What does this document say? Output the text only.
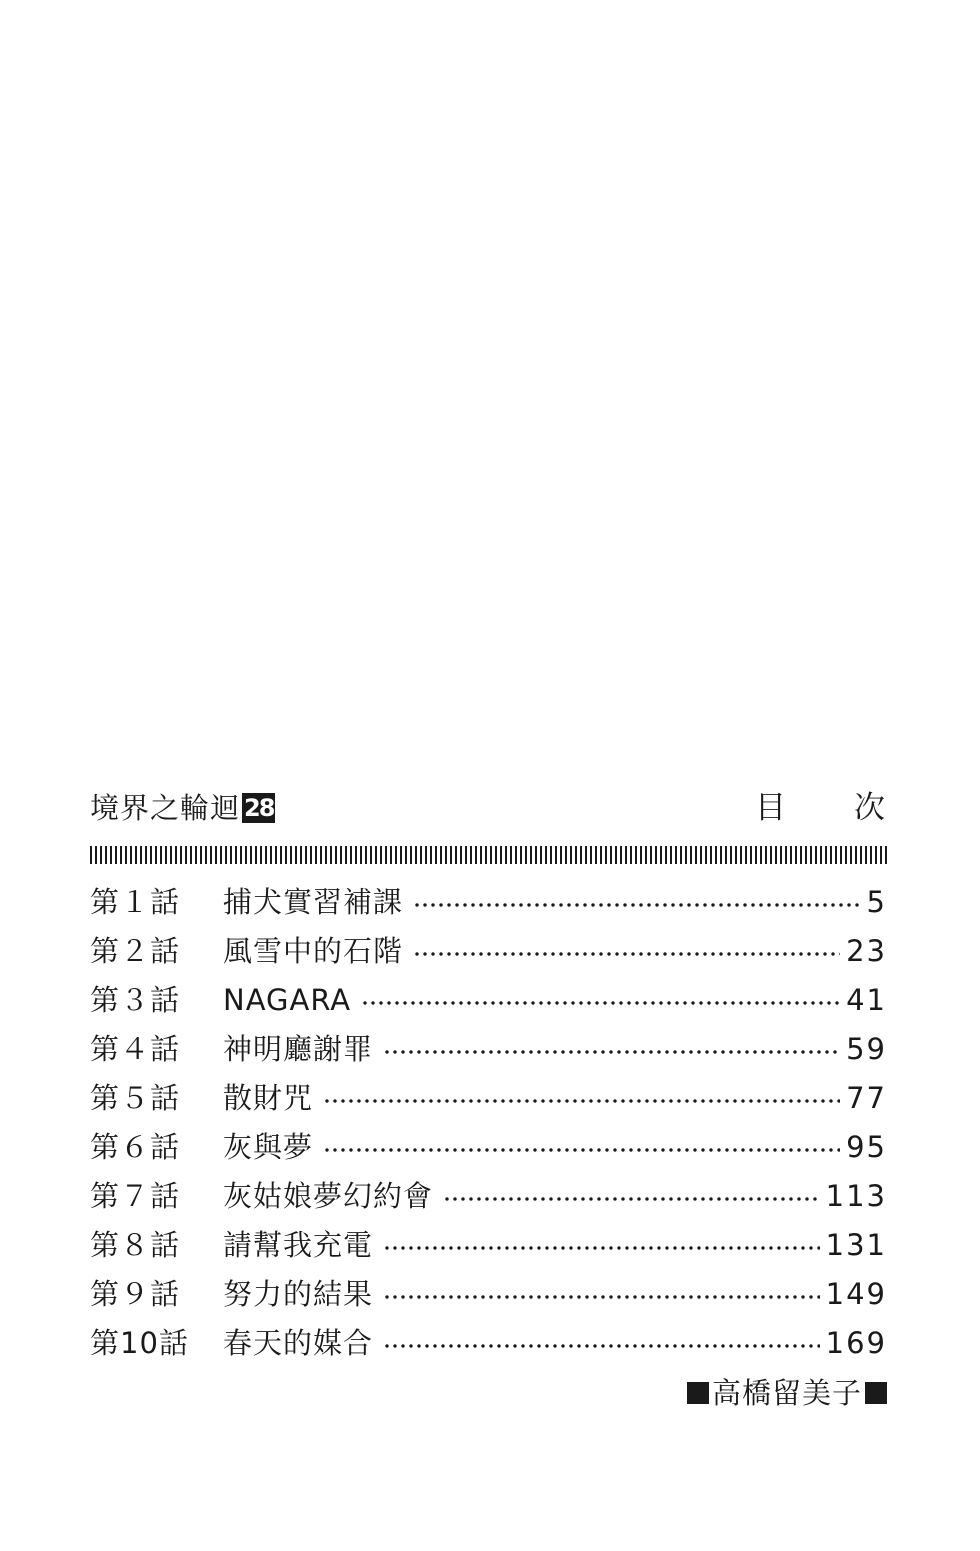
境界之輪迴 28	目 次
第１話	捕犬實習補課	5
第２話	風雪中的石階	23
第３話	NAGARA	41
第４話	神明廳謝罪	59
第５話	散財咒	77
第６話	灰與夢	95
第７話	灰姑娘夢幻約會	113
第８話	請幫我充電	131
第９話	努力的結果	149
第10話	春天的媒合	169
高橋留美子
